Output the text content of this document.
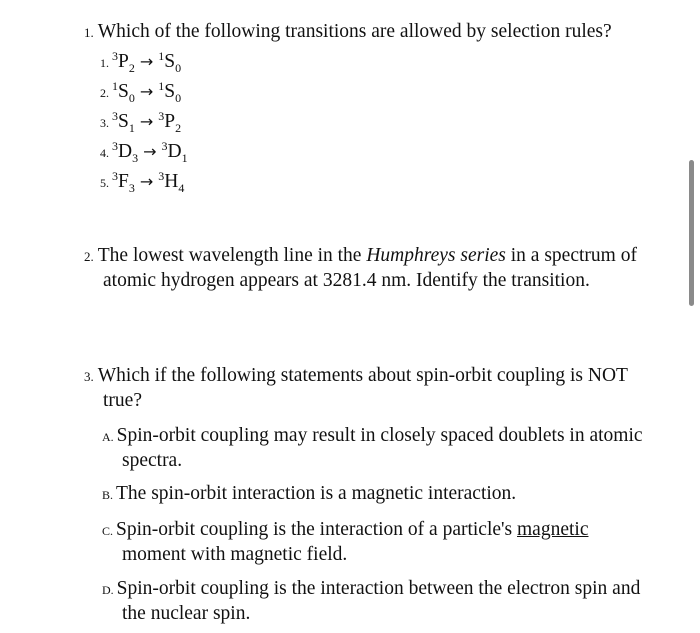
1. Which of the following transitions are allowed by selection rules?
1. $^3P_2 \to ^1S_0$
2. $^1S_0 \to ^1S_0$
3. $^3S_1 \to ^3P_2$
4. $^3D_3 \to ^3D_1$
5. $^3F_3 \to ^3H_4$
2. The lowest wavelength line in the Humphreys series in a spectrum of atomic hydrogen appears at 3281.4 nm. Identify the transition.
3. Which if the following statements about spin-orbit coupling is NOT true?
A. Spin-orbit coupling may result in closely spaced doublets in atomic spectra.
B. The spin-orbit interaction is a magnetic interaction.
C. Spin-orbit coupling is the interaction of a particle's magnetic moment with magnetic field.
D. Spin-orbit coupling is the interaction between the electron spin and the nuclear spin.
